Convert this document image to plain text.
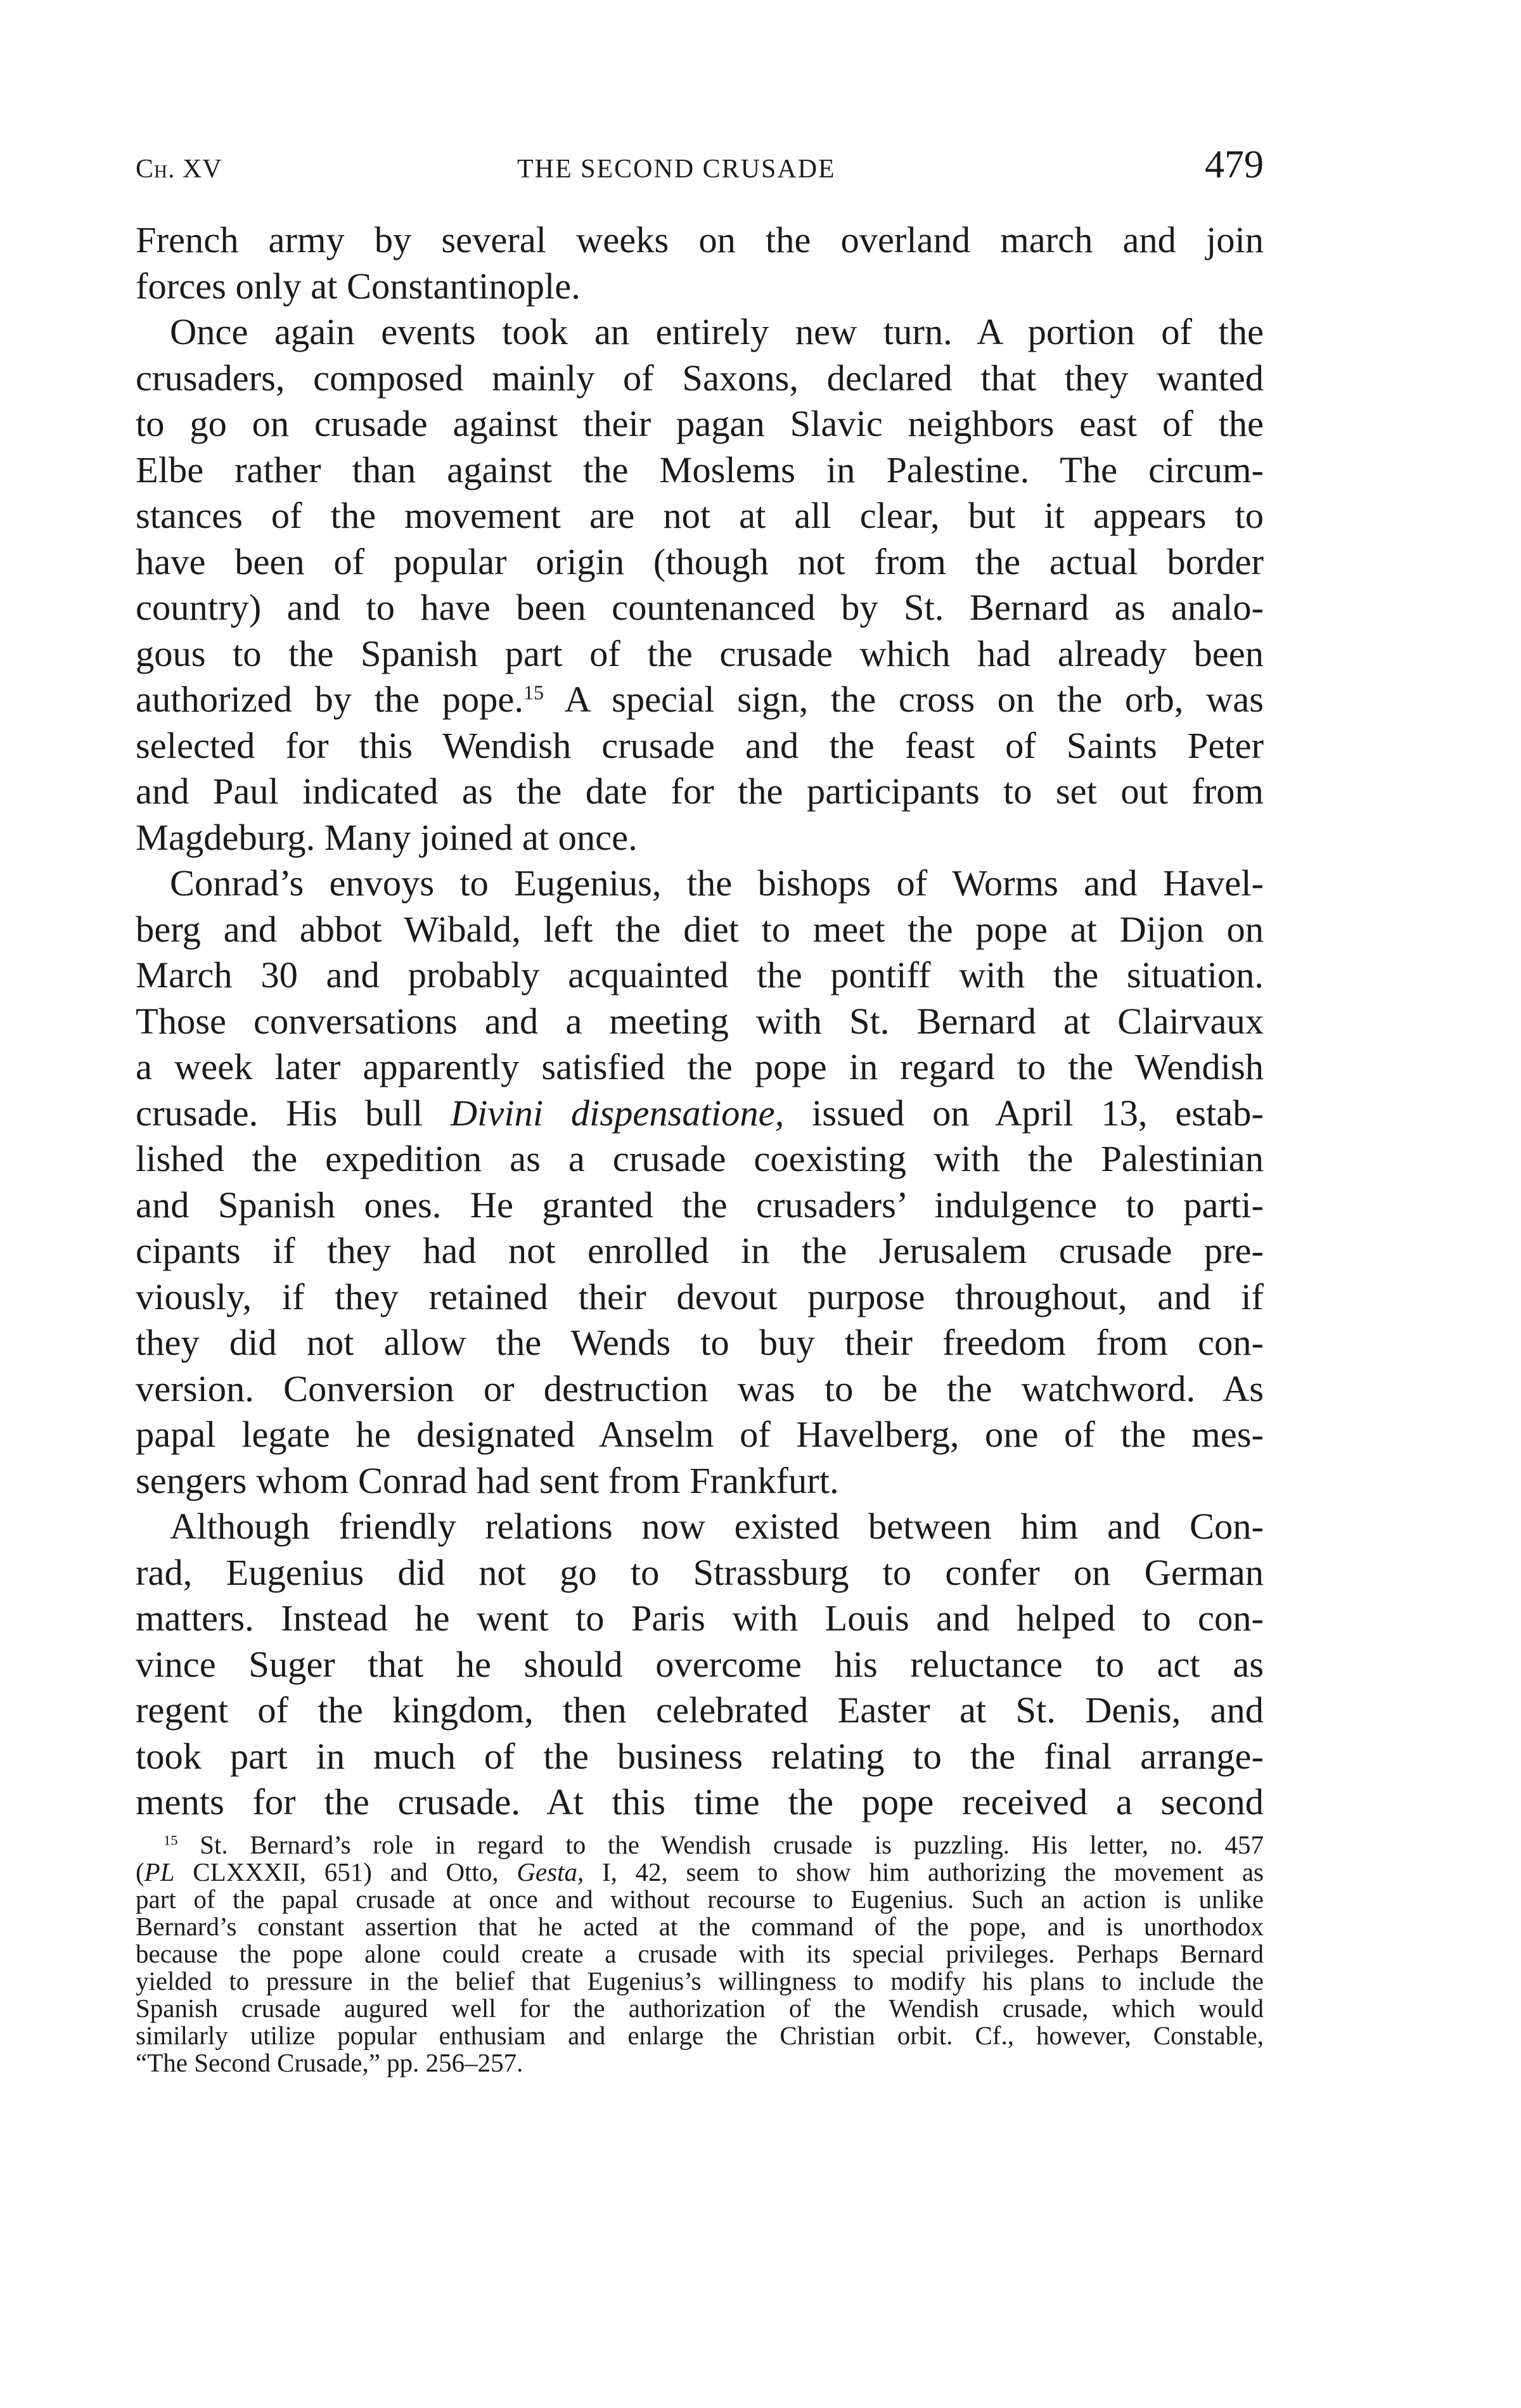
Ch. XV	THE SECOND CRUSADE	479
French army by several weeks on the overland march and join
forces only at Constantinople.
Once again events took an entirely new turn. A portion of the
crusaders, composed mainly of Saxons, declared that they wanted
to go on crusade against their pagan Slavic neighbors east of the
Elbe rather than against the Moslems in Palestine. The circum-
stances of the movement are not at all clear, but it appears to
have been of popular origin (though not from the actual border
country) and to have been countenanced by St. Bernard as analo-
gous to the Spanish part of the crusade which had already been
authorized by the pope.$^{15}$ A special sign, the cross on the orb, was
selected for this Wendish crusade and the feast of Saints Peter
and Paul indicated as the date for the participants to set out from
Magdeburg. Many joined at once.
Conrad’s envoys to Eugenius, the bishops of Worms and Havel-
berg and abbot Wibald, left the diet to meet the pope at Dijon on
March 30 and probably acquainted the pontiff with the situation.
Those conversations and a meeting with St. Bernard at Clairvaux
a week later apparently satisfied the pope in regard to the Wendish
crusade. His bull Divini dispensatione, issued on April 13, estab-
lished the expedition as a crusade coexisting with the Palestinian
and Spanish ones. He granted the crusaders’ indulgence to parti-
cipants if they had not enrolled in the Jerusalem crusade pre-
viously, if they retained their devout purpose throughout, and if
they did not allow the Wends to buy their freedom from con-
version. Conversion or destruction was to be the watchword. As
papal legate he designated Anselm of Havelberg, one of the mes-
sengers whom Conrad had sent from Frankfurt.
Although friendly relations now existed between him and Con-
rad, Eugenius did not go to Strassburg to confer on German
matters. Instead he went to Paris with Louis and helped to con-
vince Suger that he should overcome his reluctance to act as
regent of the kingdom, then celebrated Easter at St. Denis, and
took part in much of the business relating to the final arrange-
ments for the crusade. At this time the pope received a second
$^{15}$ St. Bernard’s role in regard to the Wendish crusade is puzzling. His letter, no. 457
(PL CLXXXII, 651) and Otto, Gesta, I, 42, seem to show him authorizing the movement as
part of the papal crusade at once and without recourse to Eugenius. Such an action is unlike
Bernard’s constant assertion that he acted at the command of the pope, and is unorthodox
because the pope alone could create a crusade with its special privileges. Perhaps Bernard
yielded to pressure in the belief that Eugenius’s willingness to modify his plans to include the
Spanish crusade augured well for the authorization of the Wendish crusade, which would
similarly utilize popular enthusiam and enlarge the Christian orbit. Cf., however, Constable,
“The Second Crusade,” pp. 256–257.
